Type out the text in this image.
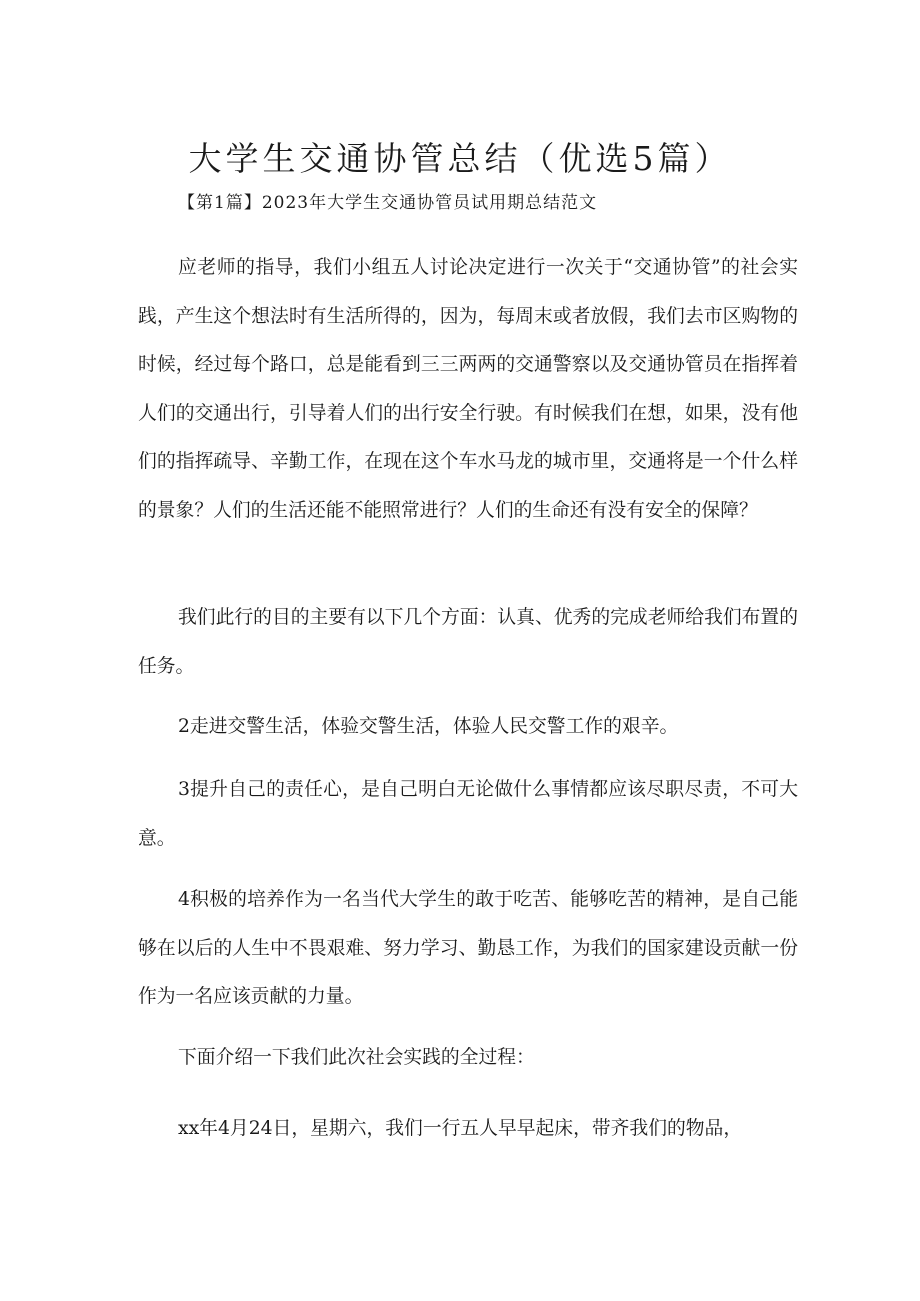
大学生交通协管总结（优选5篇）
【第1篇】2023年大学生交通协管员试用期总结范文

应老师的指导，我们小组五人讨论决定进行一次关于“交通协管”的社会实践，产生这个想法时有生活所得的，因为，每周末或者放假，我们去市区购物的时候，经过每个路口，总是能看到三三两两的交通警察以及交通协管员在指挥着人们的交通出行，引导着人们的出行安全行驶。有时候我们在想，如果，没有他们的指挥疏导、辛勤工作，在现在这个车水马龙的城市里，交通将是一个什么样的景象？人们的生活还能不能照常进行？人们的生命还有没有安全的保障？

我们此行的目的主要有以下几个方面：认真、优秀的完成老师给我们布置的任务。

2走进交警生活，体验交警生活，体验人民交警工作的艰辛。

3提升自己的责任心，是自己明白无论做什么事情都应该尽职尽责，不可大意。

4积极的培养作为一名当代大学生的敢于吃苦、能够吃苦的精神，是自己能够在以后的人生中不畏艰难、努力学习、勤恳工作，为我们的国家建设贡献一份作为一名应该贡献的力量。

下面介绍一下我们此次社会实践的全过程：

xx年4月24日，星期六，我们一行五人早早起床，带齐我们的物品，
